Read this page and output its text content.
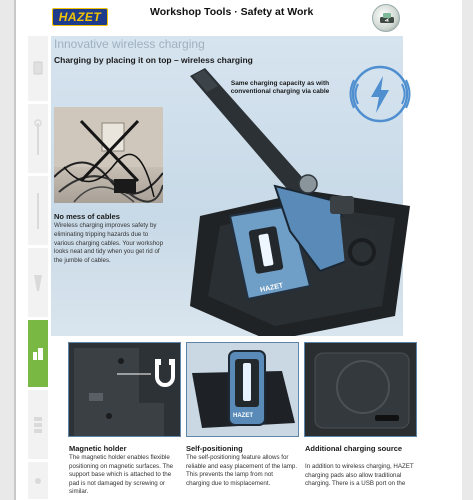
HAZET	Workshop Tools · Safety at Work
Innovative wireless charging
Charging by placing it on top – wireless charging
HAZET
Same charging capacity as with conventional charging via cable
No mess of cables
Wireless charging improves safety by eliminating tripping hazards due to various charging cables. Your workshop looks neat and tidy when you get rid of the jumble of cables.
HAZET
Magnetic holder
The magnetic holder enables flexible positioning on magnetic surfaces. The support base which is attached to the pad is not damaged by screwing or similar.
Self-positioning
The self-positioning feature allows for reliable and easy placement of the lamp. This prevents the lamp from not charging due to misplacement.
Additional charging source
In addition to wireless charging, HAZET charging pads also allow traditional charging. There is a USB port on the
